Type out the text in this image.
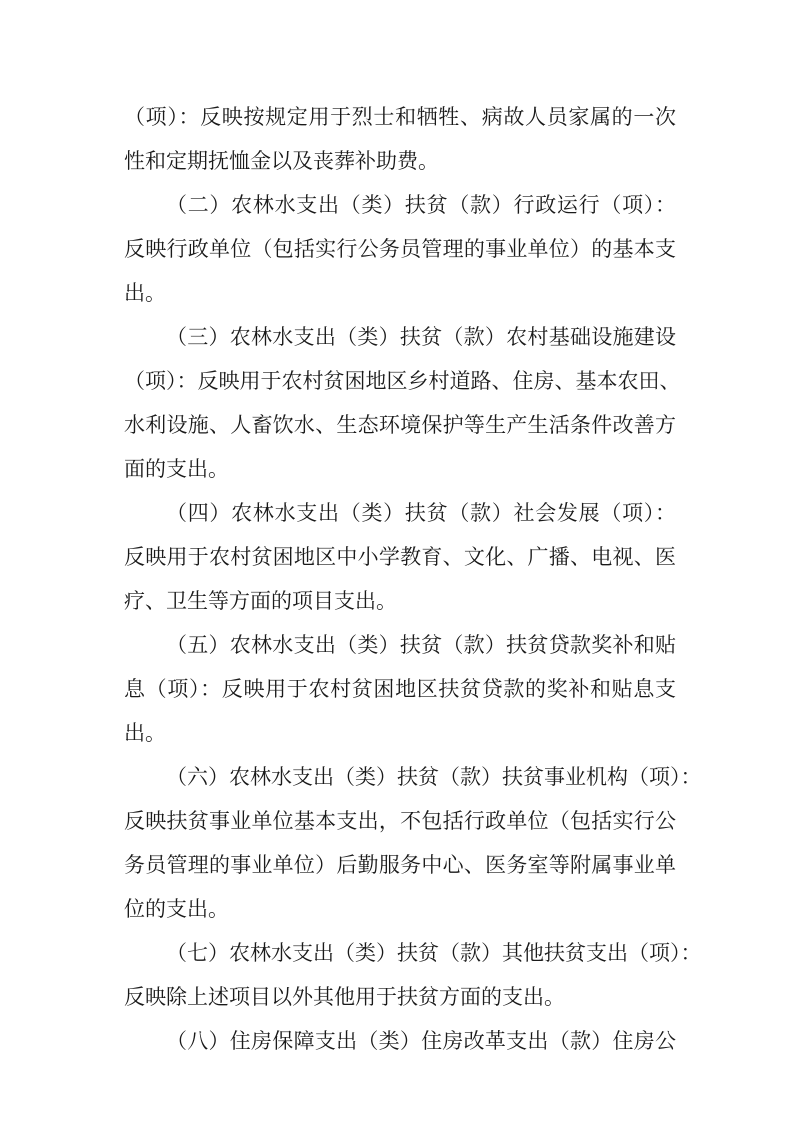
（项）：反映按规定用于烈士和牺牲、病故人员家属的一次
性和定期抚恤金以及丧葬补助费。
（二）农林水支出（类）扶贫（款）行政运行（项）：
反映行政单位（包括实行公务员管理的事业单位）的基本支
出。
（三）农林水支出（类）扶贫（款）农村基础设施建设
（项）：反映用于农村贫困地区乡村道路、住房、基本农田、
水利设施、人畜饮水、生态环境保护等生产生活条件改善方
面的支出。
（四）农林水支出（类）扶贫（款）社会发展（项）：
反映用于农村贫困地区中小学教育、文化、广播、电视、医
疗、卫生等方面的项目支出。
（五）农林水支出（类）扶贫（款）扶贫贷款奖补和贴
息（项）：反映用于农村贫困地区扶贫贷款的奖补和贴息支
出。
（六）农林水支出（类）扶贫（款）扶贫事业机构（项）：
反映扶贫事业单位基本支出，不包括行政单位（包括实行公
务员管理的事业单位）后勤服务中心、医务室等附属事业单
位的支出。
（七）农林水支出（类）扶贫（款）其他扶贫支出（项）：
反映除上述项目以外其他用于扶贫方面的支出。
（八）住房保障支出（类）住房改革支出（款）住房公
